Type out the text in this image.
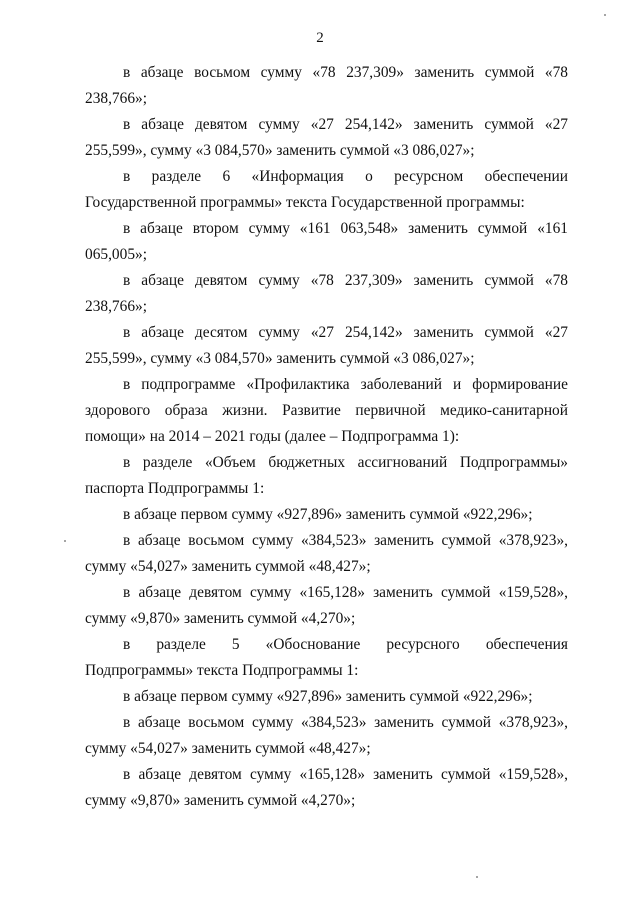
2

в абзаце восьмом сумму «78 237,309» заменить суммой «78 238,766»;

в абзаце девятом сумму «27 254,142» заменить суммой «27 255,599», сумму «3 084,570» заменить суммой «3 086,027»;

в разделе 6 «Информация о ресурсном обеспечении Государственной программы» текста Государственной программы:

в абзаце втором сумму «161 063,548» заменить суммой «161 065,005»;

в абзаце девятом сумму «78 237,309» заменить суммой «78 238,766»;

в абзаце десятом сумму «27 254,142» заменить суммой «27 255,599», сумму «3 084,570» заменить суммой «3 086,027»;

в подпрограмме «Профилактика заболеваний и формирование здорового образа жизни. Развитие первичной медико-санитарной помощи» на 2014 – 2021 годы (далее – Подпрограмма 1):

в разделе «Объем бюджетных ассигнований Подпрограммы» паспорта Подпрограммы 1:

в абзаце первом сумму «927,896» заменить суммой «922,296»;

в абзаце восьмом сумму «384,523» заменить суммой «378,923», сумму «54,027» заменить суммой «48,427»;

в абзаце девятом сумму «165,128» заменить суммой «159,528», сумму «9,870» заменить суммой «4,270»;

в разделе 5 «Обоснование ресурсного обеспечения Подпрограммы» текста Подпрограммы 1:

в абзаце первом сумму «927,896» заменить суммой «922,296»;

в абзаце восьмом сумму «384,523» заменить суммой «378,923», сумму «54,027» заменить суммой «48,427»;

в абзаце девятом сумму «165,128» заменить суммой «159,528», сумму «9,870» заменить суммой «4,270»;
